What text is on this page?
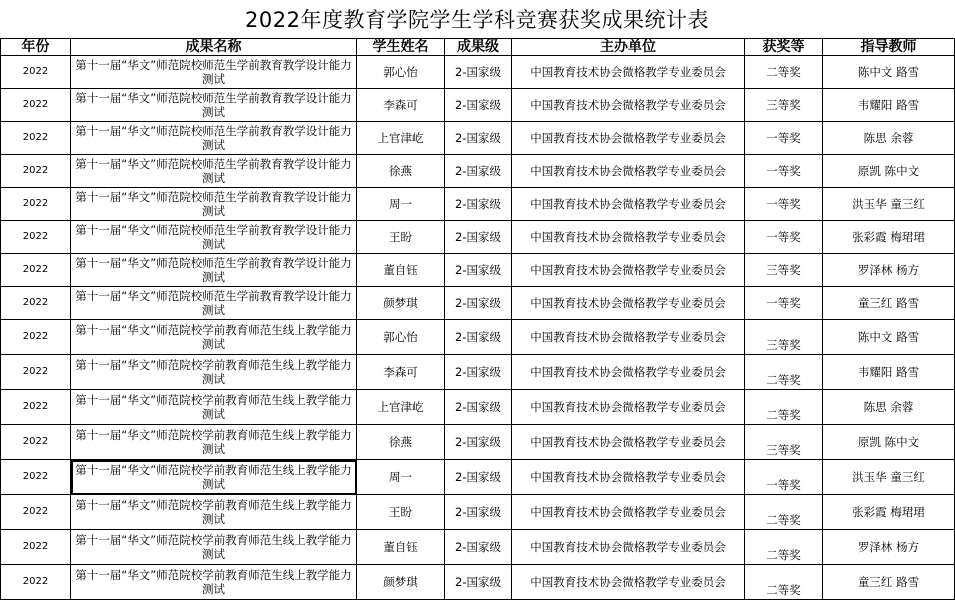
2022年度教育学院学生学科竞赛获奖成果统计表
年份	成果名称	学生姓名	成果级	主办单位	获奖等	指导教师
2022	第十一届“华文”师范院校师范生学前教育教学设计能力测试	郭心怡	2-国家级	中国教育技术协会微格教学专业委员会	二等奖	陈中文 路雪
2022	第十一届“华文”师范院校师范生学前教育教学设计能力测试	李森可	2-国家级	中国教育技术协会微格教学专业委员会	三等奖	韦耀阳 路雪
2022	第十一届“华文”师范院校师范生学前教育教学设计能力测试	上官津屹	2-国家级	中国教育技术协会微格教学专业委员会	一等奖	陈思 余蓉
2022	第十一届“华文”师范院校师范生学前教育教学设计能力测试	徐燕	2-国家级	中国教育技术协会微格教学专业委员会	一等奖	原凯 陈中文
2022	第十一届“华文”师范院校师范生学前教育教学设计能力测试	周一	2-国家级	中国教育技术协会微格教学专业委员会	一等奖	洪玉华 童三红
2022	第十一届“华文”师范院校师范生学前教育教学设计能力测试	王盼	2-国家级	中国教育技术协会微格教学专业委员会	一等奖	张彩霞 梅珺珺
2022	第十一届“华文”师范院校师范生学前教育教学设计能力测试	董自钰	2-国家级	中国教育技术协会微格教学专业委员会	三等奖	罗泽林 杨方
2022	第十一届“华文”师范院校师范生学前教育教学设计能力测试	颜梦琪	2-国家级	中国教育技术协会微格教学专业委员会	一等奖	童三红 路雪
2022	第十一届“华文”师范院校学前教育师范生线上教学能力测试	郭心怡	2-国家级	中国教育技术协会微格教学专业委员会	三等奖	陈中文 路雪
2022	第十一届“华文”师范院校学前教育师范生线上教学能力测试	李森可	2-国家级	中国教育技术协会微格教学专业委员会	二等奖	韦耀阳 路雪
2022	第十一届“华文”师范院校学前教育师范生线上教学能力测试	上官津屹	2-国家级	中国教育技术协会微格教学专业委员会	二等奖	陈思 余蓉
2022	第十一届“华文”师范院校学前教育师范生线上教学能力测试	徐燕	2-国家级	中国教育技术协会微格教学专业委员会	三等奖	原凯 陈中文
2022	第十一届“华文”师范院校学前教育师范生线上教学能力测试	周一	2-国家级	中国教育技术协会微格教学专业委员会	一等奖	洪玉华 童三红
2022	第十一届“华文”师范院校学前教育师范生线上教学能力测试	王盼	2-国家级	中国教育技术协会微格教学专业委员会	二等奖	张彩霞 梅珺珺
2022	第十一届“华文”师范院校学前教育师范生线上教学能力测试	董自钰	2-国家级	中国教育技术协会微格教学专业委员会	二等奖	罗泽林 杨方
2022	第十一届“华文”师范院校学前教育师范生线上教学能力测试	颜梦琪	2-国家级	中国教育技术协会微格教学专业委员会	二等奖	童三红 路雪
